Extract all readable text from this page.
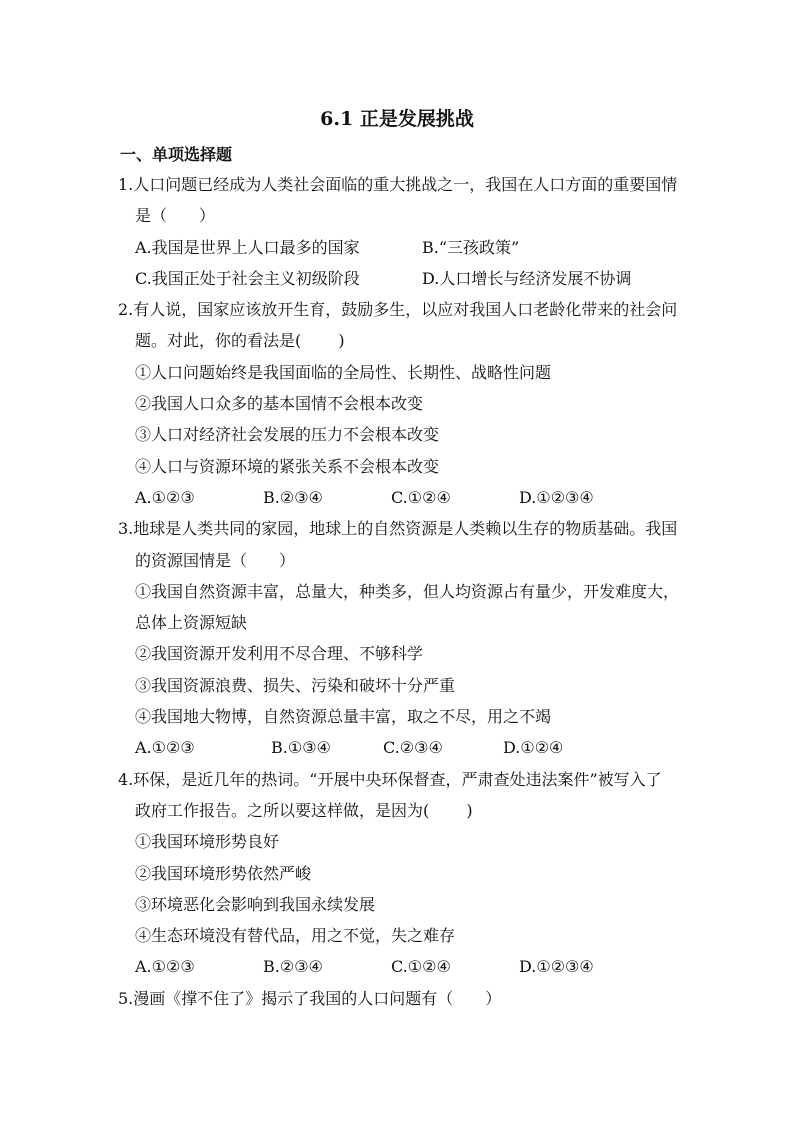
6.1 正是发展挑战
一、单项选择题
1.人口问题已经成为人类社会面临的重大挑战之一，我国在人口方面的重要国情
是（　　）
A.我国是世界上人口最多的国家	B.“三孩政策”
C.我国正处于社会主义初级阶段	D.人口增长与经济发展不协调
2.有人说，国家应该放开生育，鼓励多生，以应对我国人口老龄化带来的社会问
题。对此，你的看法是(　　 )
①人口问题始终是我国面临的全局性、长期性、战略性问题
②我国人口众多的基本国情不会根本改变
③人口对经济社会发展的压力不会根本改变
④人口与资源环境的紧张关系不会根本改变
A.①②③	B.②③④	C.①②④	D.①②③④
3.地球是人类共同的家园，地球上的自然资源是人类赖以生存的物质基础。我国
的资源国情是（　　）
①我国自然资源丰富，总量大，种类多，但人均资源占有量少，开发难度大，
总体上资源短缺
②我国资源开发利用不尽合理、不够科学
③我国资源浪费、损失、污染和破坏十分严重
④我国地大物博，自然资源总量丰富，取之不尽，用之不竭
A.①②③	B.①③④	C.②③④	D.①②④
4.环保，是近几年的热词。“开展中央环保督查，严肃查处违法案件”被写入了
政府工作报告。之所以要这样做，是因为(　　 )
①我国环境形势良好
②我国环境形势依然严峻
③环境恶化会影响到我国永续发展
④生态环境没有替代品，用之不觉，失之难存
A.①②③	B.②③④	C.①②④	D.①②③④
5.漫画《撑不住了》揭示了我国的人口问题有（　　）
